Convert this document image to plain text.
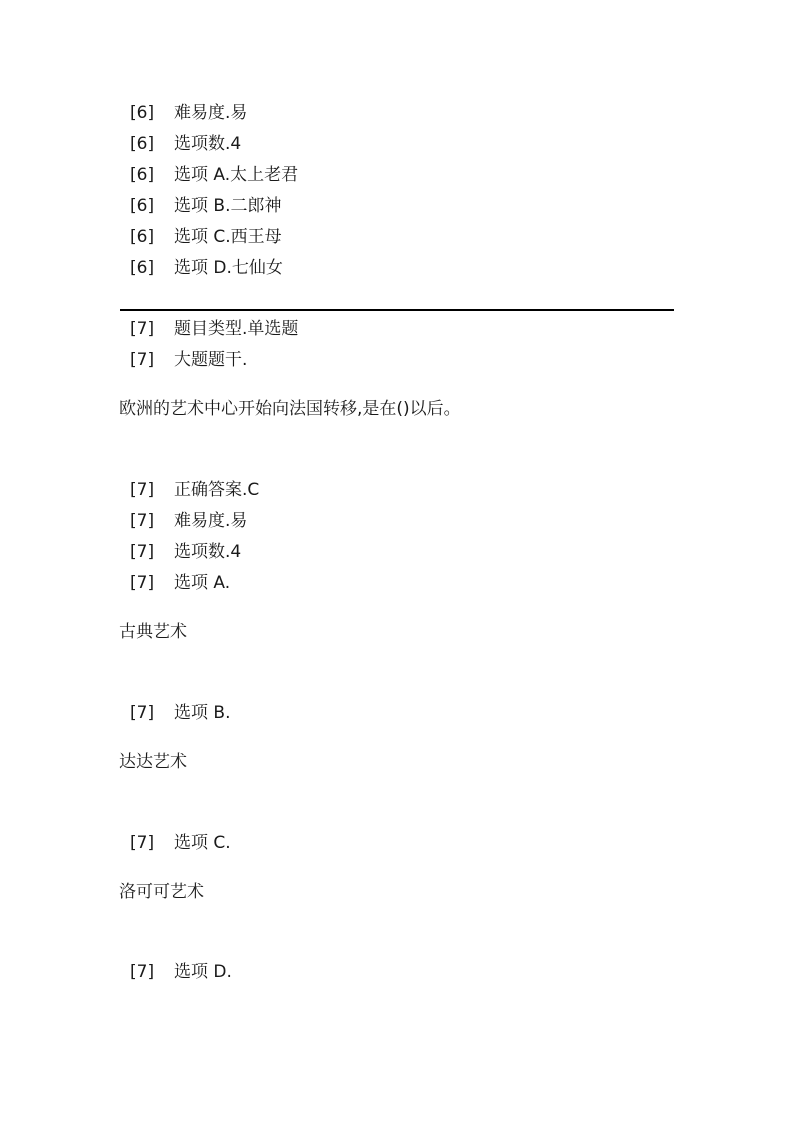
[6] 难易度.易
[6] 选项数.4
[6] 选项 A.太上老君
[6] 选项 B.二郎神
[6] 选项 C.西王母
[6] 选项 D.七仙女
[7] 题目类型.单选题
[7] 大题题干.
欧洲的艺术中心开始向法国转移,是在()以后。
[7] 正确答案.C
[7] 难易度.易
[7] 选项数.4
[7] 选项 A.
古典艺术
[7] 选项 B.
达达艺术
[7] 选项 C.
洛可可艺术
[7] 选项 D.
